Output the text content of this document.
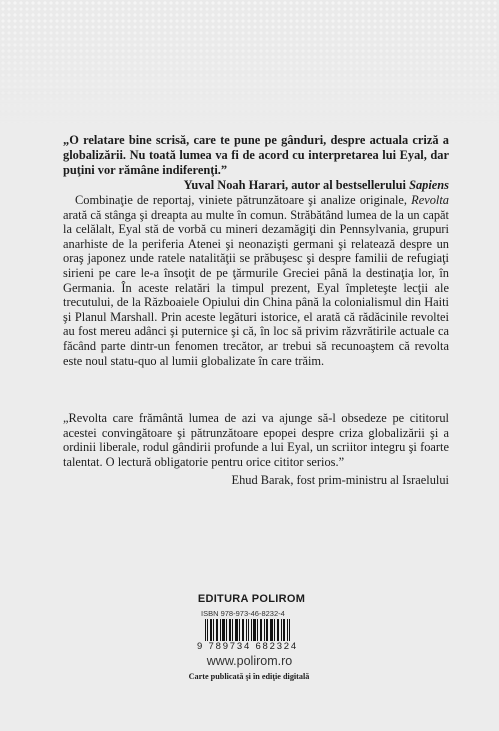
„O relatare bine scrisă, care te pune pe gânduri, despre actuala criză a globalizării. Nu toată lumea va fi de acord cu interpretarea lui Eyal, dar puţini vor rămâne indiferenţi.”
Yuval Noah Harari, autor al bestsellerului Sapiens

Combinaţie de reportaj, viniete pătrunzătoare şi analize originale, Revolta arată că stânga şi dreapta au multe în comun. Străbătând lumea de la un capăt la celălalt, Eyal stă de vorbă cu mineri dezamăgiţi din Pennsylvania, grupuri anarhiste de la periferia Atenei şi neonazişti germani şi relatează despre un oraş japonez unde ratele natalităţii se prăbuşesc şi despre familii de refugiaţi sirieni pe care le-a însoţit de pe ţărmurile Greciei până la destinaţia lor, în Germania. În aceste relatări la timpul prezent, Eyal împleteşte lecţii ale trecutului, de la Războaiele Opiului din China până la colonialismul din Haiti şi Planul Marshall. Prin aceste legături istorice, el arată că rădăcinile revoltei au fost mereu adânci şi puternice şi că, în loc să privim răzvrătirile actuale ca făcând parte dintr-un fenomen trecător, ar trebui să recunoaştem că revolta este noul statu-quo al lumii globalizate în care trăim.

„Revolta care frământă lumea de azi va ajunge să-l obsedeze pe cititorul acestei convingătoare şi pătrunzătoare epopei despre criza globalizării şi a ordinii liberale, rodul gândirii profunde a lui Eyal, un scriitor integru şi foarte talentat. O lectură obligatorie pentru orice cititor serios.”
Ehud Barak, fost prim-ministru al Israelului
EDITURA POLIROM
ISBN 978-973-46-8232-4
9 789734 682324
www.polirom.ro
Carte publicată şi în ediţie digitală
